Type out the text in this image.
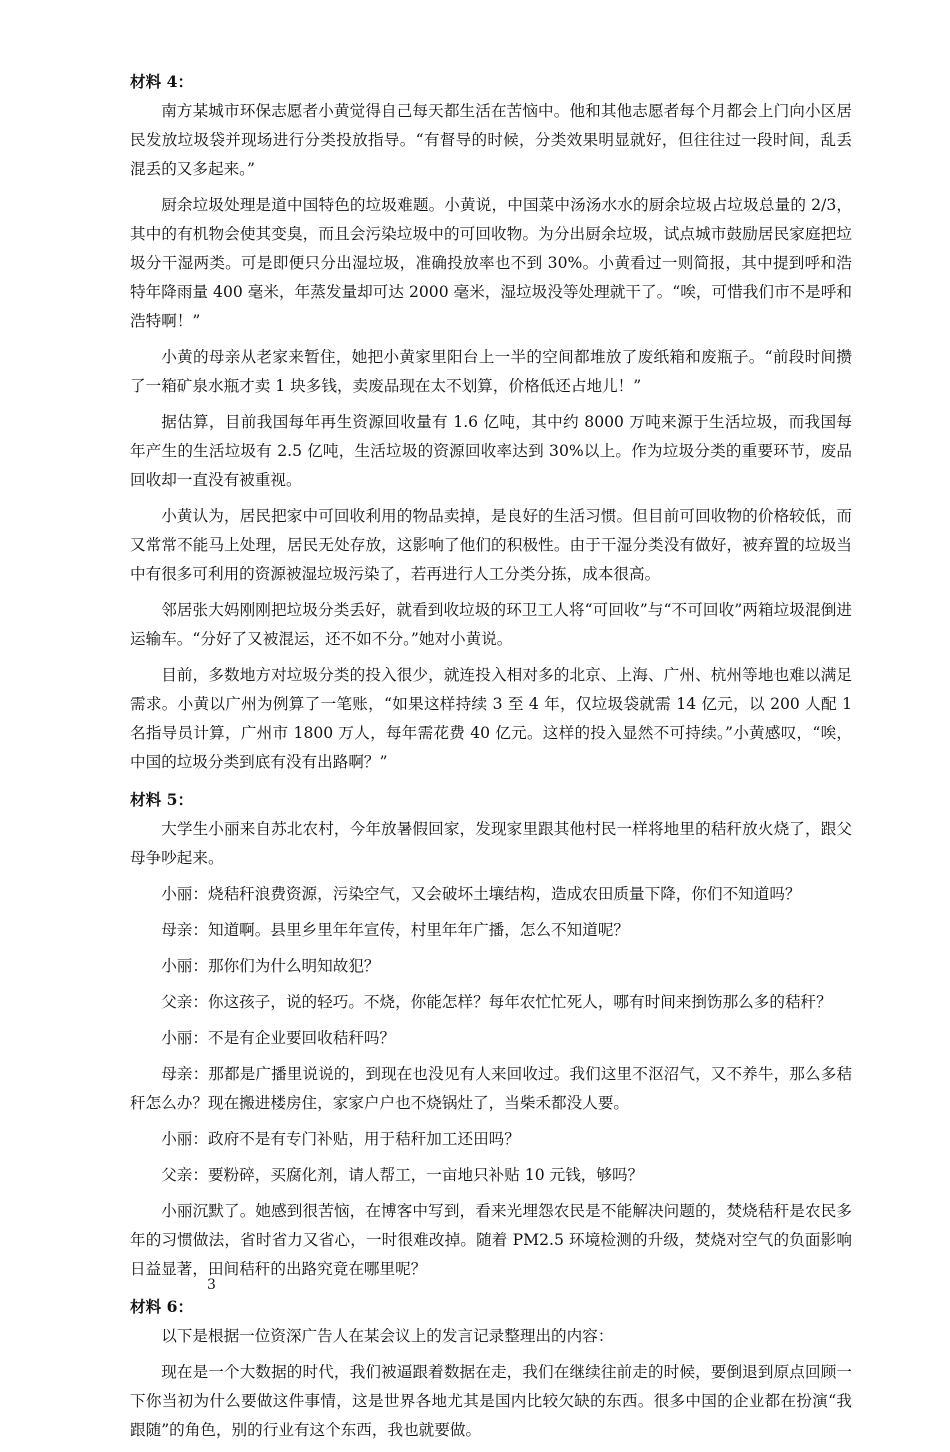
材料 4：

南方某城市环保志愿者小黄觉得自己每天都生活在苦恼中。他和其他志愿者每个月都会上门向小区居民发放垃圾袋并现场进行分类投放指导。“有督导的时候，分类效果明显就好，但往往过一段时间，乱丢混丢的又多起来。”

厨余垃圾处理是道中国特色的垃圾难题。小黄说，中国菜中汤汤水水的厨余垃圾占垃圾总量的 2/3，其中的有机物会使其变臭，而且会污染垃圾中的可回收物。为分出厨余垃圾，试点城市鼓励居民家庭把垃圾分干湿两类。可是即便只分出湿垃圾，准确投放率也不到 30%。小黄看过一则简报，其中提到呼和浩特年降雨量 400 毫米，年蒸发量却可达 2000 毫米，湿垃圾没等处理就干了。“唉，可惜我们市不是呼和浩特啊！”

小黄的母亲从老家来暂住，她把小黄家里阳台上一半的空间都堆放了废纸箱和废瓶子。“前段时间攒了一箱矿泉水瓶才卖 1 块多钱，卖废品现在太不划算，价格低还占地儿！”

据估算，目前我国每年再生资源回收量有 1.6 亿吨，其中约 8000 万吨来源于生活垃圾，而我国每年产生的生活垃圾有 2.5 亿吨，生活垃圾的资源回收率达到 30%以上。作为垃圾分类的重要环节，废品回收却一直没有被重视。

小黄认为，居民把家中可回收利用的物品卖掉，是良好的生活习惯。但目前可回收物的价格较低，而又常常不能马上处理，居民无处存放，这影响了他们的积极性。由于干湿分类没有做好，被弃置的垃圾当中有很多可利用的资源被湿垃圾污染了，若再进行人工分类分拣，成本很高。

邻居张大妈刚刚把垃圾分类丢好，就看到收垃圾的环卫工人将“可回收”与“不可回收”两箱垃圾混倒进运输车。“分好了又被混运，还不如不分。”她对小黄说。

目前，多数地方对垃圾分类的投入很少，就连投入相对多的北京、上海、广州、杭州等地也难以满足需求。小黄以广州为例算了一笔账，“如果这样持续 3 至 4 年，仅垃圾袋就需 14 亿元，以 200 人配 1 名指导员计算，广州市 1800 万人，每年需花费 40 亿元。这样的投入显然不可持续。”小黄感叹，“唉，中国的垃圾分类到底有没有出路啊？”

材料 5：

大学生小丽来自苏北农村，今年放暑假回家，发现家里跟其他村民一样将地里的秸秆放火烧了，跟父母争吵起来。

小丽：烧秸秆浪费资源，污染空气，又会破坏土壤结构，造成农田质量下降，你们不知道吗？

母亲：知道啊。县里乡里年年宣传，村里年年广播，怎么不知道呢？

小丽：那你们为什么明知故犯？

父亲：你这孩子，说的轻巧。不烧，你能怎样？每年农忙忙死人，哪有时间来捯饬那么多的秸秆？

小丽：不是有企业要回收秸秆吗？

母亲：那都是广播里说说的，到现在也没见有人来回收过。我们这里不沤沼气，又不养牛，那么多秸秆怎么办？现在搬进楼房住，家家户户也不烧锅灶了，当柴禾都没人要。

小丽：政府不是有专门补贴，用于秸秆加工还田吗？

父亲：要粉碎，买腐化剂，请人帮工，一亩地只补贴 10 元钱，够吗？

小丽沉默了。她感到很苦恼，在博客中写到，看来光埋怨农民是不能解决问题的，焚烧秸秆是农民多年的习惯做法，省时省力又省心，一时很难改掉。随着 PM2.5 环境检测的升级，焚烧对空气的负面影响日益显著，田间秸秆的出路究竟在哪里呢？

材料 6：

以下是根据一位资深广告人在某会议上的发言记录整理出的内容：

现在是一个大数据的时代，我们被逼跟着数据在走，我们在继续往前走的时候，要倒退到原点回顾一下你当初为什么要做这件事情，这是世界各地尤其是国内比较欠缺的东西。很多中国的企业都在扮演“我跟随”的角色，别的行业有这个东西，我也就要做。

3
